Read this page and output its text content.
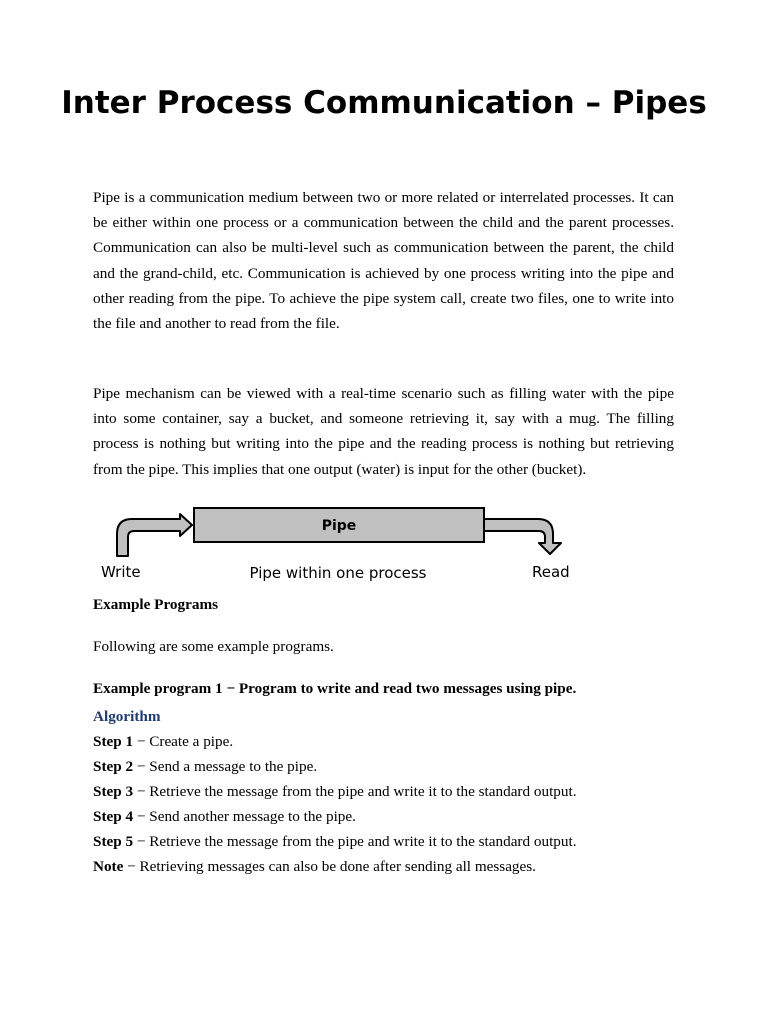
Inter Process Communication – Pipes

Pipe is a communication medium between two or more related or interrelated processes. It can be either within one process or a communication between the child and the parent processes. Communication can also be multi-level such as communication between the parent, the child and the grand-child, etc. Communication is achieved by one process writing into the pipe and other reading from the pipe. To achieve the pipe system call, create two files, one to write into the file and another to read from the file.

Pipe mechanism can be viewed with a real-time scenario such as filling water with the pipe into some container, say a bucket, and someone retrieving it, say with a mug. The filling process is nothing but writing into the pipe and the reading process is nothing but retrieving from the pipe. This implies that one output (water) is input for the other (bucket).

Pipe
Write	Pipe within one process	Read

Example Programs

Following are some example programs.

Example program 1 − Program to write and read two messages using pipe.

Algorithm

Step 1 − Create a pipe.

Step 2 − Send a message to the pipe.

Step 3 − Retrieve the message from the pipe and write it to the standard output.

Step 4 − Send another message to the pipe.

Step 5 − Retrieve the message from the pipe and write it to the standard output.

Note − Retrieving messages can also be done after sending all messages.
